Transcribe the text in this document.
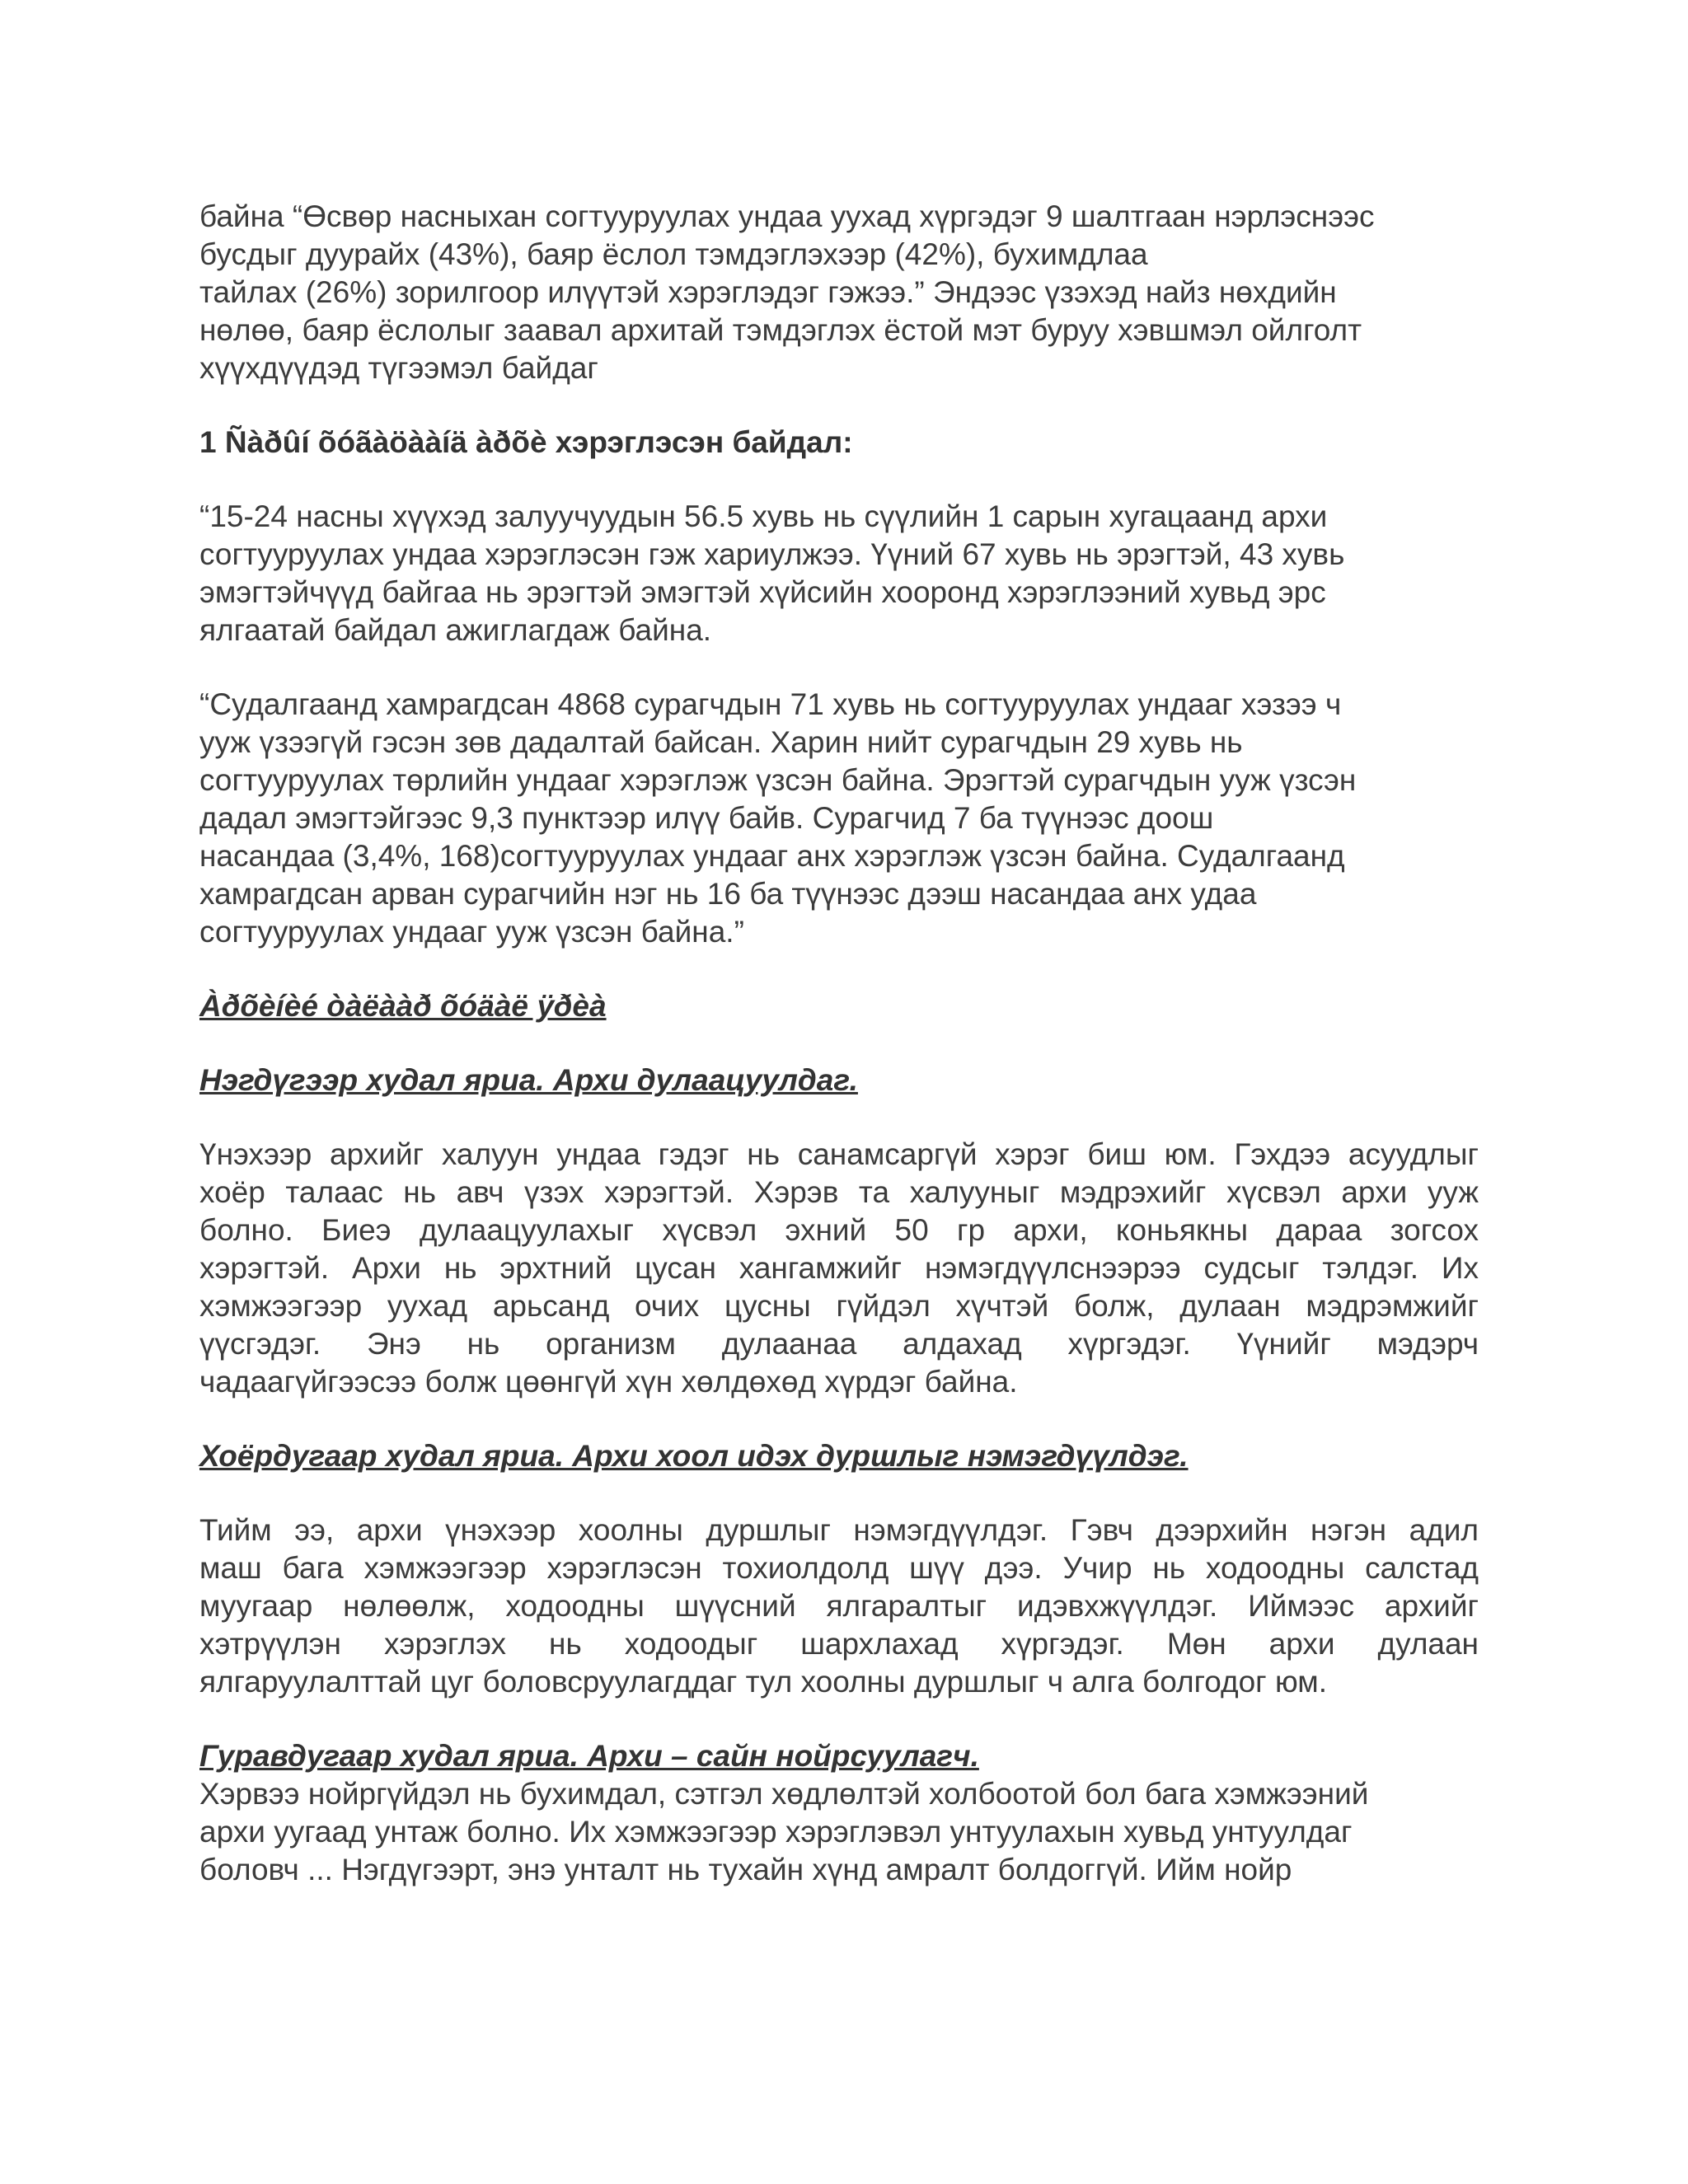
байна “Өсвөр насныхан согтууруулах ундаа уухад хүргэдэг 9 шалтгаан нэрлэснээс
бусдыг дуурайх (43%), баяр ёслол тэмдэглэхээр (42%), бухимдлаа
тайлах (26%) зорилгоор илүүтэй хэрэглэдэг гэжээ.” Эндээс үзэхэд найз нөхдийн
нөлөө, баяр ёслолыг заавал архитай тэмдэглэх ёстой мэт буруу хэвшмэл ойлголт
хүүхдүүдэд түгээмэл байдаг

1 Ñàðûí õóãàöààíä àðõè хэрэглэсэн байдал:

“15-24 насны хүүхэд залуучуудын 56.5 хувь нь сүүлийн 1 сарын хугацаанд архи
согтууруулах ундаа хэрэглэсэн гэж хариулжээ. Үүний 67 хувь нь эрэгтэй, 43 хувь
эмэгтэйчүүд байгаа нь эрэгтэй эмэгтэй хүйсийн хооронд хэрэглээний хувьд эрс
ялгаатай байдал ажиглагдаж байна.

“Судалгаанд хамрагдсан 4868 сурагчдын 71 хувь нь согтууруулах ундааг хэзээ ч
ууж үзээгүй гэсэн зөв дадалтай байсан. Харин нийт сурагчдын 29 хувь нь
согтууруулах төрлийн ундааг хэрэглэж үзсэн байна. Эрэгтэй сурагчдын ууж үзсэн
дадал эмэгтэйгээс 9,3 пунктээр илүү байв. Сурагчид 7 ба түүнээс доош
насандаа (3,4%, 168)согтууруулах ундааг анх хэрэглэж үзсэн байна. Судалгаанд
хамрагдсан арван сурагчийн нэг нь 16 ба түүнээс дээш насандаа анх удаа
согтууруулах ундааг ууж үзсэн байна.”

Àðõèíèé òàëààð õóäàë ÿðèà

Нэгдүгээр худал яриа. Архи дулаацуулдаг.

Үнэхээр архийг халуун ундаа гэдэг нь санамсаргүй хэрэг биш юм. Гэхдээ асуудлыг
хоёр талаас нь авч үзэх хэрэгтэй. Хэрэв та халууныг мэдрэхийг хүсвэл архи ууж
болно. Биеэ дулаацуулахыг хүсвэл эхний 50 гр архи, коньякны дараа зогсох
хэрэгтэй. Архи нь эрхтний цусан хангамжийг нэмэгдүүлснээрээ судсыг тэлдэг. Их
хэмжээгээр уухад арьсанд очих цусны гүйдэл хүчтэй болж, дулаан мэдрэмжийг
үүсгэдэг. Энэ нь организм дулаанаа алдахад хүргэдэг. Үүнийг мэдэрч
чадаагүйгээсээ болж цөөнгүй хүн хөлдөхөд хүрдэг байна.

Хоёрдугаар худал яриа. Архи хоол идэх дуршлыг нэмэгдүүлдэг.

Тийм ээ, архи үнэхээр хоолны дуршлыг нэмэгдүүлдэг. Гэвч дээрхийн нэгэн адил
маш бага хэмжээгээр хэрэглэсэн тохиолдолд шүү дээ. Учир нь ходоодны салстад
муугаар нөлөөлж, ходоодны шүүсний ялгаралтыг идэвхжүүлдэг. Иймээс архийг
хэтрүүлэн хэрэглэх нь ходоодыг шархлахад хүргэдэг. Мөн архи дулаан
ялгаруулалттай цуг боловсруулагддаг тул хоолны дуршлыг ч алга болгодог юм.

Гуравдугаар худал яриа. Архи – сайн нойрсуулагч.

Хэрвээ нойргүйдэл нь бухимдал, сэтгэл хөдлөлтэй холбоотой бол бага хэмжээний
архи уугаад унтаж болно. Их хэмжээгээр хэрэглэвэл унтуулахын хувьд унтуулдаг
боловч ... Нэгдүгээрт, энэ унталт нь тухайн хүнд амралт болдоггүй. Ийм нойр
